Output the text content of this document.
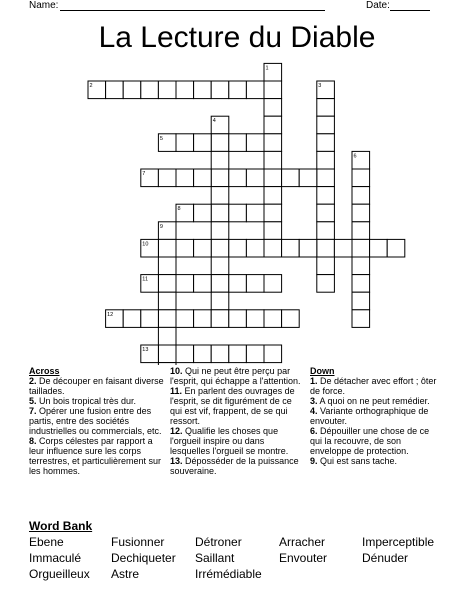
Name:	Date:
La Lecture du Diable
1
2	3
4
5
6
7
8
9
10
11
12
13
Across

2. De découper en faisant diverse taillades.

5. Un bois tropical très dur.

7. Opérer une fusion entre des partis, entre des sociétés industrielles ou commercials, etc.

8. Corps célestes par rapport a leur influence sure les corps terrestres, et particulièrement sur les hommes.

10. Qui ne peut être perçu par l'esprit, qui échappe a l'attention.

11. En parlent des ouvrages de l'esprit, se dit figurément de ce qui est vif, frappent, de se qui ressort.

12. Qualifie les choses que l'orgueil inspire ou dans lesquelles l'orgueil se montre.

13. Déposséder de la puissance souveraine.

Down

1. De détacher avec effort ; ôter de force.

3. A quoi on ne peut remédier.

4. Variante orthographique de envouter.

6. Dépouiller une chose de ce qui la recouvre, de son enveloppe de protection.

9. Qui est sans tache.

Word Bank
Ebene	Fusionner	Détroner	Arracher	Imperceptible
Immaculé Dechiqueter Saillant	Envouter	Dénuder
Orgueilleux Astre	Irrémédiable
